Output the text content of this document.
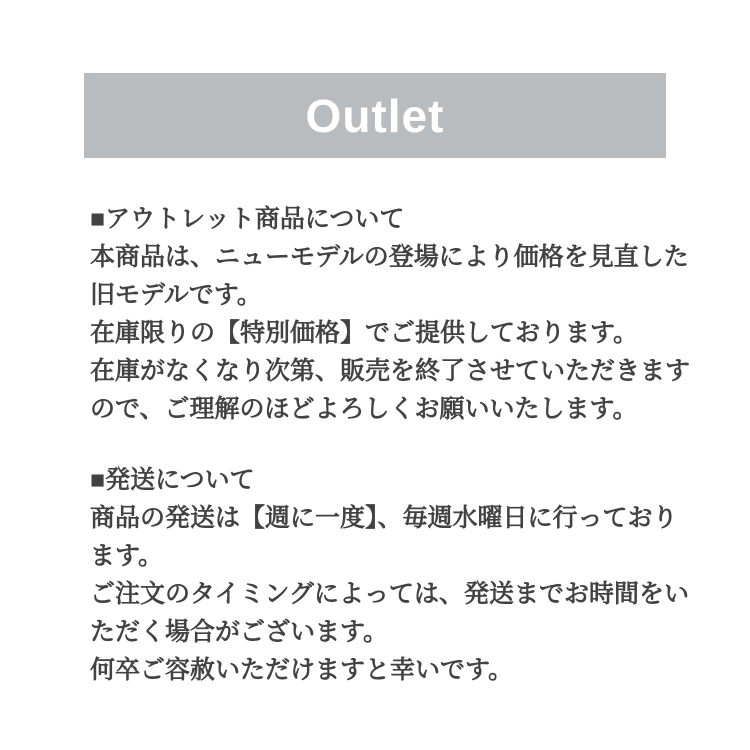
Outlet
■アウトレット商品について
本商品は、ニューモデルの登場により価格を見直した
旧モデルです。
在庫限りの【特別価格】でご提供しております。
在庫がなくなり次第、販売を終了させていただきます
ので、ご理解のほどよろしくお願いいたします。
■発送について
商品の発送は【週に一度】、毎週水曜日に行っており
ます。
ご注文のタイミングによっては、発送までお時間をい
ただく場合がございます。
何卒ご容赦いただけますと幸いです。
